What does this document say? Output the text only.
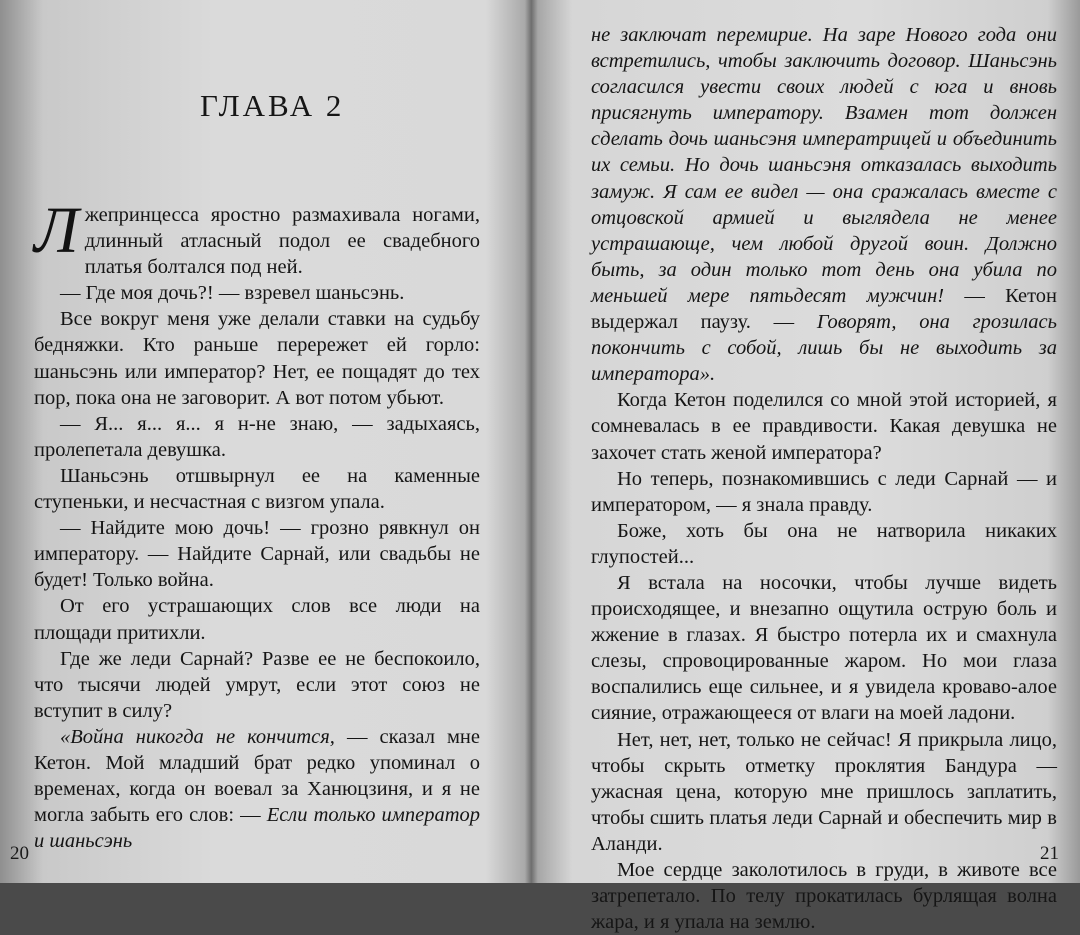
ГЛАВА 2

Лжепринцесса яростно размахивала ногами, длинный атласный подол ее свадебного платья болтался под ней.

— Где моя дочь?! — взревел шаньсэнь.

Все вокруг меня уже делали ставки на судьбу бедняжки. Кто раньше перережет ей горло: шаньсэнь или император? Нет, ее пощадят до тех пор, пока она не заговорит. А вот потом убьют.

— Я... я... я... я н-не знаю, — задыхаясь, пролепетала девушка.

Шаньсэнь отшвырнул ее на каменные ступеньки, и несчастная с визгом упала.

— Найдите мою дочь! — грозно рявкнул он императору. — Найдите Сарнай, или свадьбы не будет! Только война.

От его устрашающих слов все люди на площади притихли.

Где же леди Сарнай? Разве ее не беспокоило, что тысячи людей умрут, если этот союз не вступит в силу?

«Война никогда не кончится, — сказал мне Кетон. Мой младший брат редко упоминал о временах, когда он воевал за Ханюцзиня, и я не могла забыть его слов: — Если только император и шаньсэнь

20

не заключат перемирие. На заре Нового года они встретились, чтобы заключить договор. Шаньсэнь согласился увести своих людей с юга и вновь присягнуть императору. Взамен тот должен сделать дочь шаньсэня императрицей и объединить их семьи. Но дочь шаньсэня отказалась выходить замуж. Я сам ее видел — она сражалась вместе с отцовской армией и выглядела не менее устрашающе, чем любой другой воин. Должно быть, за один только тот день она убила по меньшей мере пятьдесят мужчин! — Кетон выдержал паузу. — Говорят, она грозилась покончить с собой, лишь бы не выходить за императора».

Когда Кетон поделился со мной этой историей, я сомневалась в ее правдивости. Какая девушка не захочет стать женой императора?

Но теперь, познакомившись с леди Сарнай — и императором, — я знала правду.

Боже, хоть бы она не натворила никаких глупостей...

Я встала на носочки, чтобы лучше видеть происходящее, и внезапно ощутила острую боль и жжение в глазах. Я быстро потерла их и смахнула слезы, спровоцированные жаром. Но мои глаза воспалились еще сильнее, и я увидела кроваво-алое сияние, отражающееся от влаги на моей ладони.

Нет, нет, нет, только не сейчас! Я прикрыла лицо, чтобы скрыть отметку проклятия Бандура — ужасная цена, которую мне пришлось заплатить, чтобы сшить платья леди Сарнай и обеспечить мир в Аланди.

Мое сердце заколотилось в груди, в животе все затрепетало. По телу прокатилась бурлящая волна жара, и я упала на землю.

21
